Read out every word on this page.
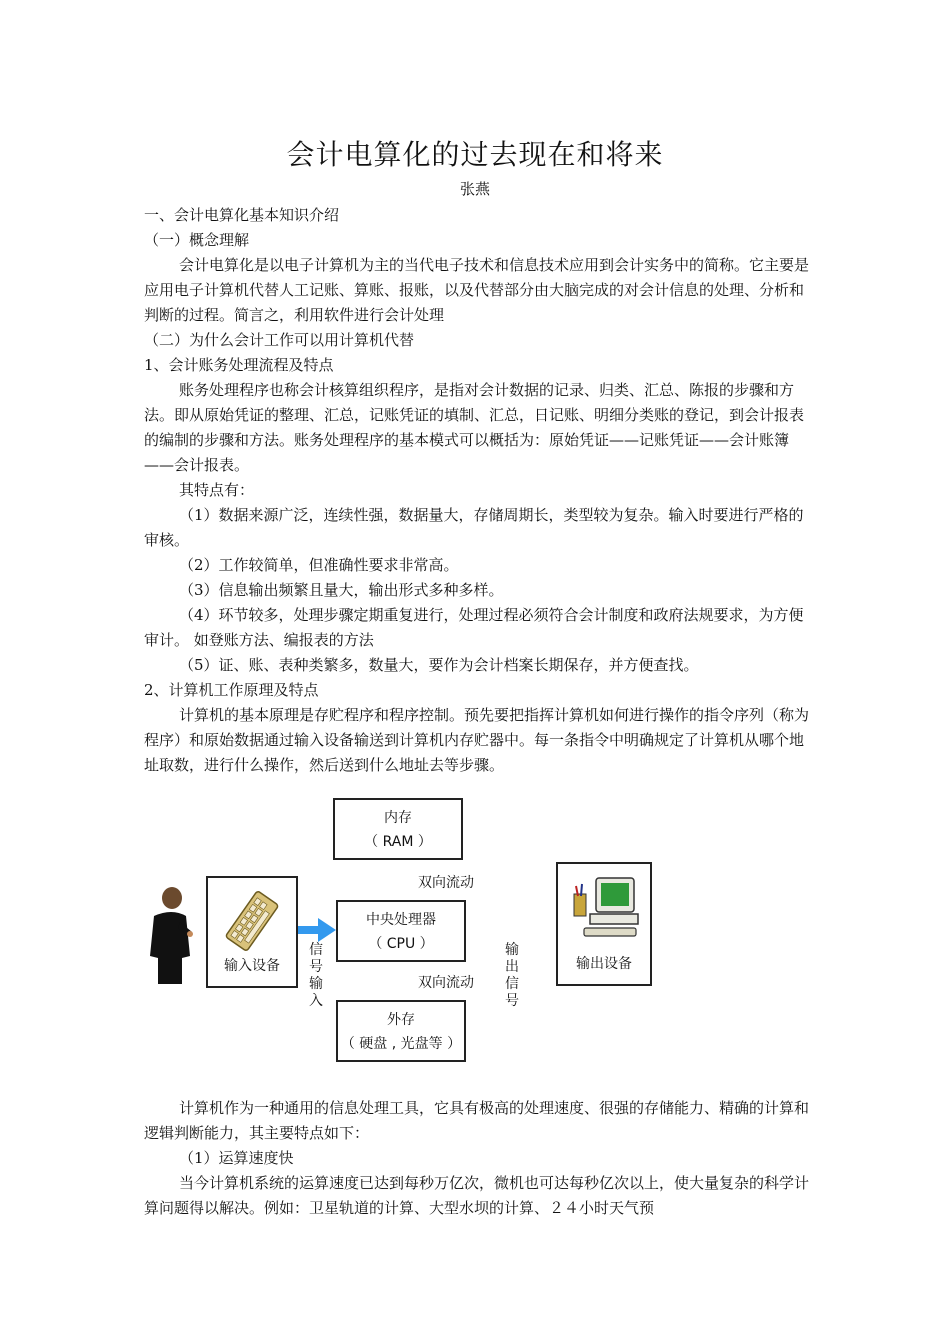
会计电算化的过去现在和将来
张燕

一、会计电算化基本知识介绍

（一）概念理解

会计电算化是以电子计算机为主的当代电子技术和信息技术应用到会计实务中的简称。它主要是应用电子计算机代替人工记账、算账、报账，以及代替部分由大脑完成的对会计信息的处理、分析和判断的过程。简言之，利用软件进行会计处理

（二）为什么会计工作可以用计算机代替

1、会计账务处理流程及特点

账务处理程序也称会计核算组织程序，是指对会计数据的记录、归类、汇总、陈报的步骤和方法。即从原始凭证的整理、汇总，记账凭证的填制、汇总，日记账、明细分类账的登记，到会计报表的编制的步骤和方法。账务处理程序的基本模式可以概括为：原始凭证——记账凭证——会计账簿——会计报表。

其特点有：

（1）数据来源广泛，连续性强，数据量大，存储周期长，类型较为复杂。输入时要进行严格的审核。

（2）工作较简单，但准确性要求非常高。

（3）信息输出频繁且量大，输出形式多种多样。

（4）环节较多，处理步骤定期重复进行，处理过程必须符合会计制度和政府法规要求，为方便审计。 如登账方法、编报表的方法

（5）证、账、表种类繁多，数量大，要作为会计档案长期保存，并方便查找。

2、计算机工作原理及特点

计算机的基本原理是存贮程序和程序控制。预先要把指挥计算机如何进行操作的指令序列（称为程序）和原始数据通过输入设备输送到计算机内存贮器中。每一条指令中明确规定了计算机从哪个地址取数，进行什么操作，然后送到什么地址去等步骤。

输入设备
内存
（ RAM ）
双向流动
中央处理器
（ CPU ）
双向流动
外存
（ 硬盘 , 光盘等 ）
信号输入
输出信号
输出设备

计算机作为一种通用的信息处理工具，它具有极高的处理速度、很强的存储能力、精确的计算和逻辑判断能力，其主要特点如下：

（1）运算速度快

当今计算机系统的运算速度已达到每秒万亿次，微机也可达每秒亿次以上，使大量复杂的科学计算问题得以解决。例如：卫星轨道的计算、大型水坝的计算、２４小时天气预
